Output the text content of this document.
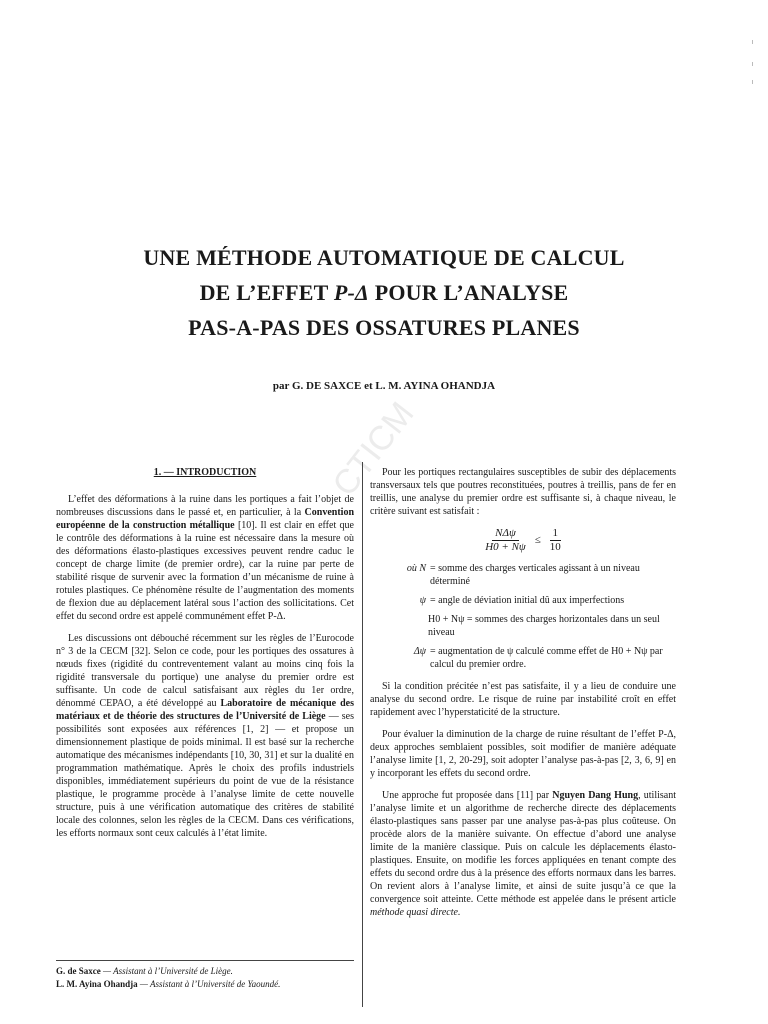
CTICM
UNE MÉTHODE AUTOMATIQUE DE CALCUL
DE L’EFFET P-Δ POUR L’ANALYSE
PAS-A-PAS DES OSSATURES PLANES
par G. DE SAXCE et L. M. AYINA OHANDJA
1. — INTRODUCTION

L’effet des déformations à la ruine dans les portiques a fait l’objet de nombreuses discussions dans le passé et, en particulier, à la Convention européenne de la construction métallique [10]. Il est clair en effet que le contrôle des déformations à la ruine est nécessaire dans la mesure où des déformations élasto-plastiques excessives peuvent rendre caduc le concept de charge limite (de premier ordre), car la ruine par perte de stabilité risque de survenir avec la formation d’un mécanisme de ruine à rotules plastiques. Ce phénomène résulte de l’augmentation des moments de flexion due au déplacement latéral sous l’action des sollicitations. Cet effet du second ordre est appelé communément effet P-Δ.

Les discussions ont débouché récemment sur les règles de l’Eurocode n° 3 de la CECM [32]. Selon ce code, pour les portiques des ossatures à nœuds fixes (rigidité du contreventement valant au moins cinq fois la rigidité transversale du portique) une analyse du premier ordre est suffisante. Un code de calcul satisfaisant aux règles du 1er ordre, dénommé CEPAO, a été développé au Laboratoire de mécanique des matériaux et de théorie des structures de l’Université de Liège — ses possibilités sont exposées aux références [1, 2] — et propose un dimensionnement plastique de poids minimal. Il est basé sur la recherche automatique des mécanismes indépendants [10, 30, 31] et sur la dualité en programmation mathématique. Après le choix des profils industriels disponibles, immédiatement supérieurs du point de vue de la résistance plastique, le programme procède à l’analyse limite de cette nouvelle structure, puis à une vérification automatique des critères de stabilité locale des colonnes, selon les règles de la CECM. Dans ces vérifications, les efforts normaux sont ceux calculés à l’état limite.

Pour les portiques rectangulaires susceptibles de subir des déplacements transversaux tels que poutres reconstituées, poutres à treillis, pans de fer en treillis, une analyse du premier ordre est suffisante si, à chaque niveau, le critère suivant est satisfait :

$\frac{\text{NΔψ}}{H0 + N\psi} \le \frac{1}{10}$
où N = somme des charges verticales agissant à un niveau déterminé
ψ = angle de déviation initial dû aux imperfections
H0 + Nψ = sommes des charges horizontales dans un seul niveau
Δψ = augmentation de ψ calculé comme effet de H0 + Nψ par calcul du premier ordre.

Si la condition précitée n’est pas satisfaite, il y a lieu de conduire une analyse du second ordre. Le risque de ruine par instabilité croît en effet rapidement avec l’hyperstaticité de la structure.

Pour évaluer la diminution de la charge de ruine résultant de l’effet P-Δ, deux approches semblaient possibles, soit modifier de manière adéquate l’analyse limite [1, 2, 20-29], soit adopter l’analyse pas-à-pas [2, 3, 6, 9] en y incorporant les effets du second ordre.

Une approche fut proposée dans [11] par Nguyen Dang Hung, utilisant l’analyse limite et un algorithme de recherche directe des déplacements élasto-plastiques sans passer par une analyse pas-à-pas plus coûteuse. On procède alors de la manière suivante. On effectue d’abord une analyse limite de la manière classique. Puis on calcule les déplacements élasto-plastiques. Ensuite, on modifie les forces appliquées en tenant compte des effets du second ordre dus à la présence des efforts normaux dans les barres. On revient alors à l’analyse limite, et ainsi de suite jusqu’à ce que la convergence soit atteinte. Cette méthode est appelée dans le présent article méthode quasi directe.

G. de Saxce — Assistant à l’Université de Liège.
L. M. Ayina Ohandja — Assistant à l’Université de Yaoundé.
